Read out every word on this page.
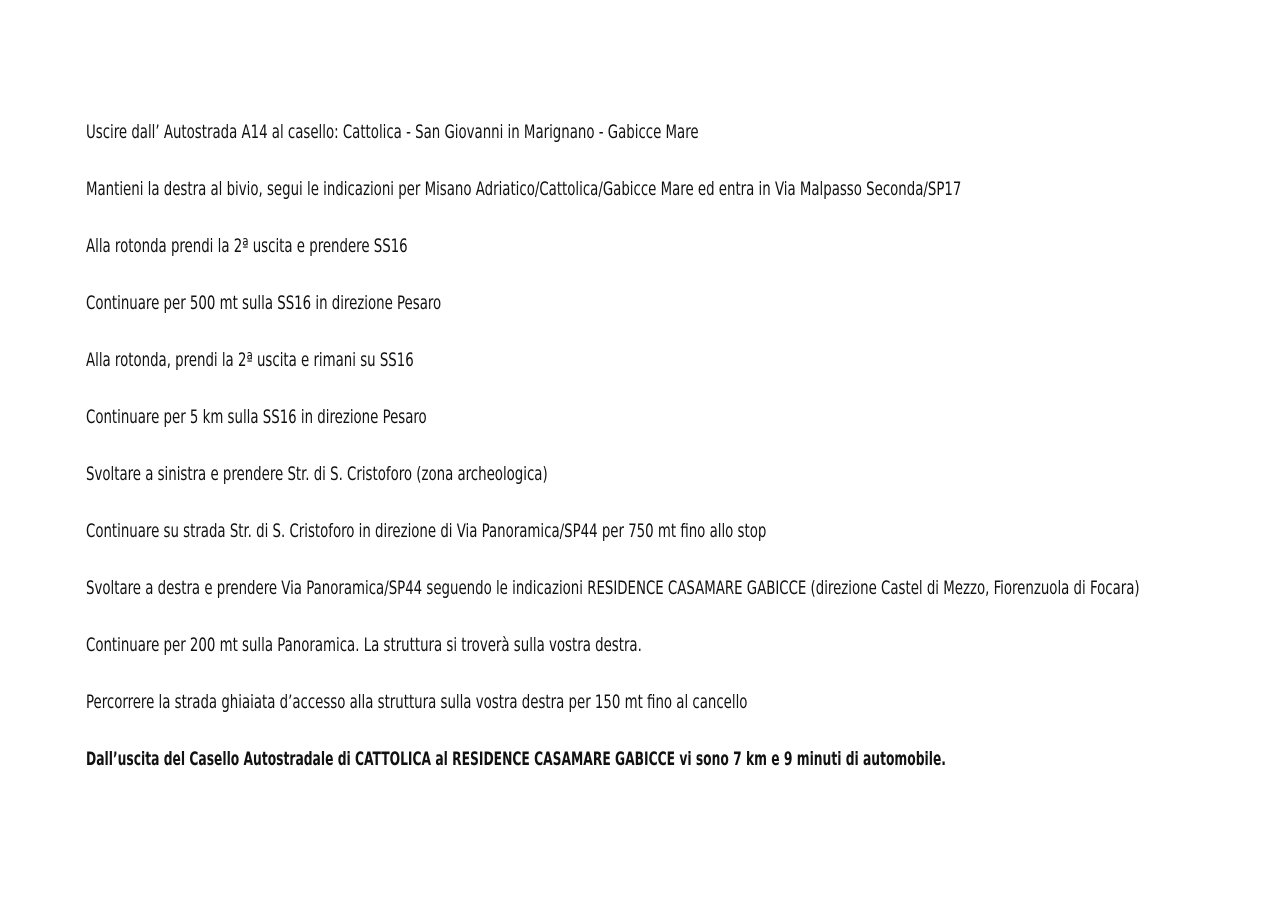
Uscire dall’ Autostrada A14 al casello: Cattolica - San Giovanni in Marignano - Gabicce Mare

Mantieni la destra al bivio, segui le indicazioni per Misano Adriatico/Cattolica/Gabicce Mare ed entra in Via Malpasso Seconda/SP17

Alla rotonda prendi la 2ª uscita e prendere SS16

Continuare per 500 mt sulla SS16 in direzione Pesaro

Alla rotonda, prendi la 2ª uscita e rimani su SS16

Continuare per 5 km sulla SS16 in direzione Pesaro

Svoltare a sinistra e prendere Str. di S. Cristoforo (zona archeologica)

Continuare su strada Str. di S. Cristoforo in direzione di Via Panoramica/SP44 per 750 mt fino allo stop

Svoltare a destra e prendere Via Panoramica/SP44 seguendo le indicazioni RESIDENCE CASAMARE GABICCE (direzione Castel di Mezzo, Fiorenzuola di Focara)

Continuare per 200 mt sulla Panoramica. La struttura si troverà sulla vostra destra.

Percorrere la strada ghiaiata d’accesso alla struttura sulla vostra destra per 150 mt fino al cancello

Dall’uscita del Casello Autostradale di CATTOLICA al RESIDENCE CASAMARE GABICCE vi sono 7 km e 9 minuti di automobile.
